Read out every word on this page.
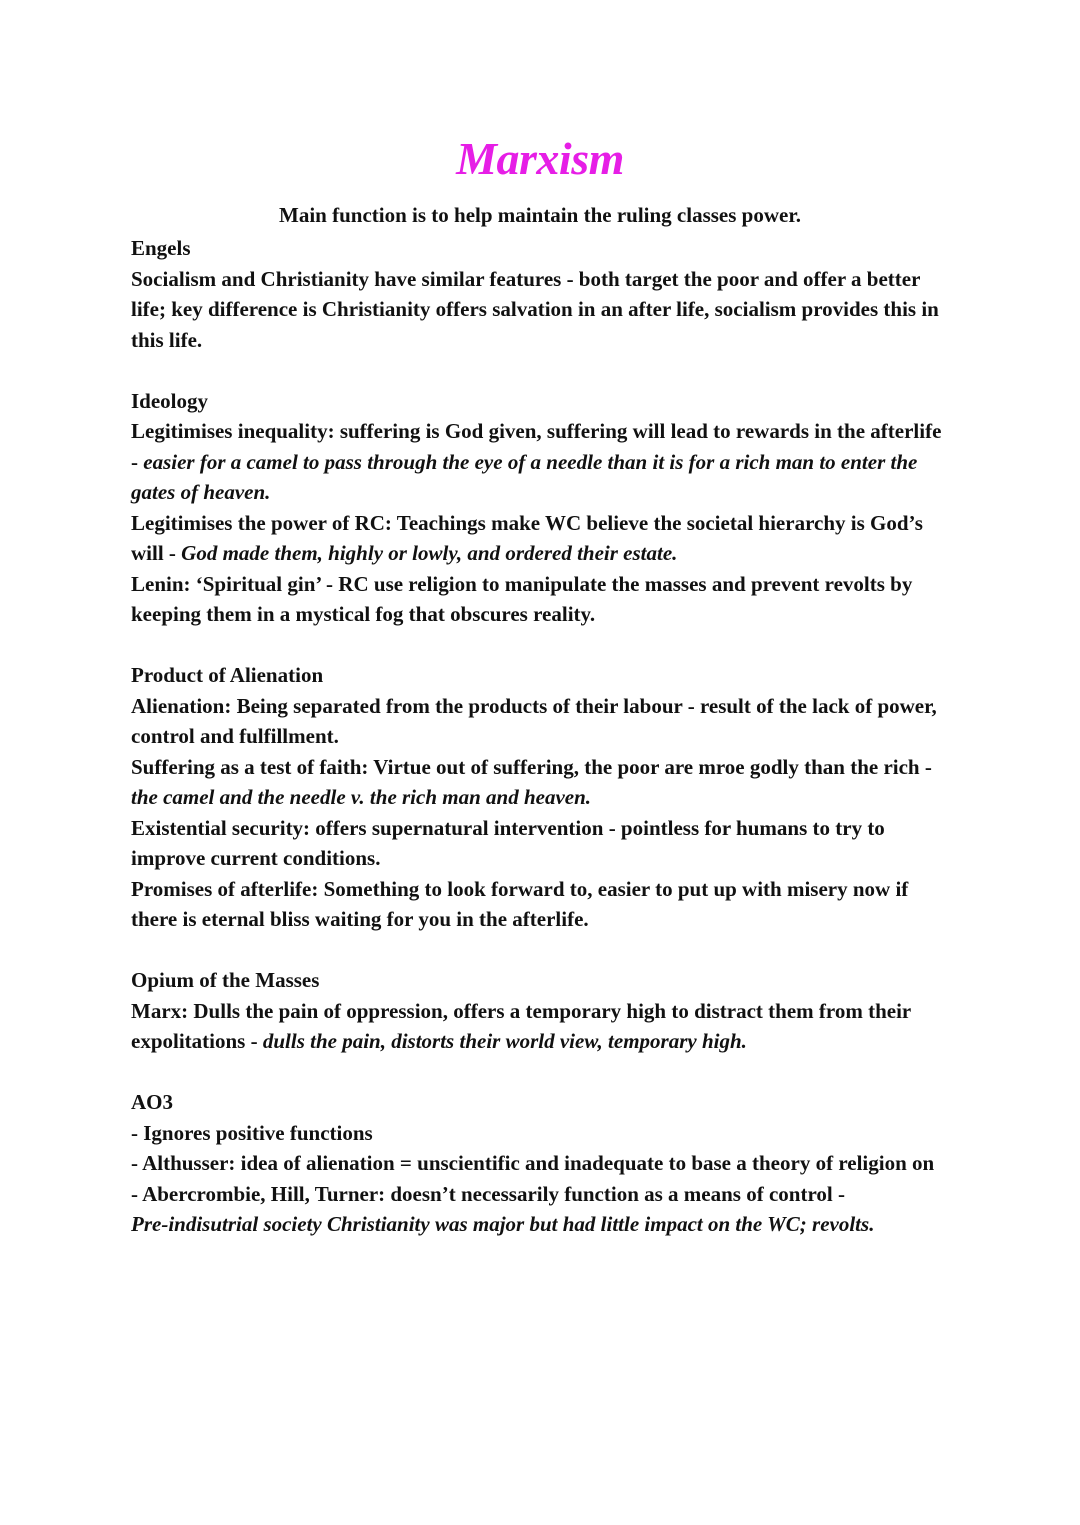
Marxism
Main function is to help maintain the ruling classes power.
Engels
Socialism and Christianity have similar features - both target the poor and offer a better
life; key difference is Christianity offers salvation in an after life, socialism provides this in
this life.
Ideology
Legitimises inequality: suffering is God given, suffering will lead to rewards in the afterlife
- easier for a camel to pass through the eye of a needle than it is for a rich man to enter the
gates of heaven.
Legitimises the power of RC: Teachings make WC believe the societal hierarchy is God’s
will - God made them, highly or lowly, and ordered their estate.
Lenin: ‘Spiritual gin’ - RC use religion to manipulate the masses and prevent revolts by
keeping them in a mystical fog that obscures reality.
Product of Alienation
Alienation: Being separated from the products of their labour - result of the lack of power,
control and fulfillment.
Suffering as a test of faith: Virtue out of suffering, the poor are mroe godly than the rich -
the camel and the needle v. the rich man and heaven.
Existential security: offers supernatural intervention - pointless for humans to try to
improve current conditions.
Promises of afterlife: Something to look forward to, easier to put up with misery now if
there is eternal bliss waiting for you in the afterlife.
Opium of the Masses
Marx: Dulls the pain of oppression, offers a temporary high to distract them from their
expolitations - dulls the pain, distorts their world view, temporary high.
AO3
- Ignores positive functions
- Althusser: idea of alienation = unscientific and inadequate to base a theory of religion on
- Abercrombie, Hill, Turner: doesn’t necessarily function as a means of control -
Pre-indisutrial society Christianity was major but had little impact on the WC; revolts.
